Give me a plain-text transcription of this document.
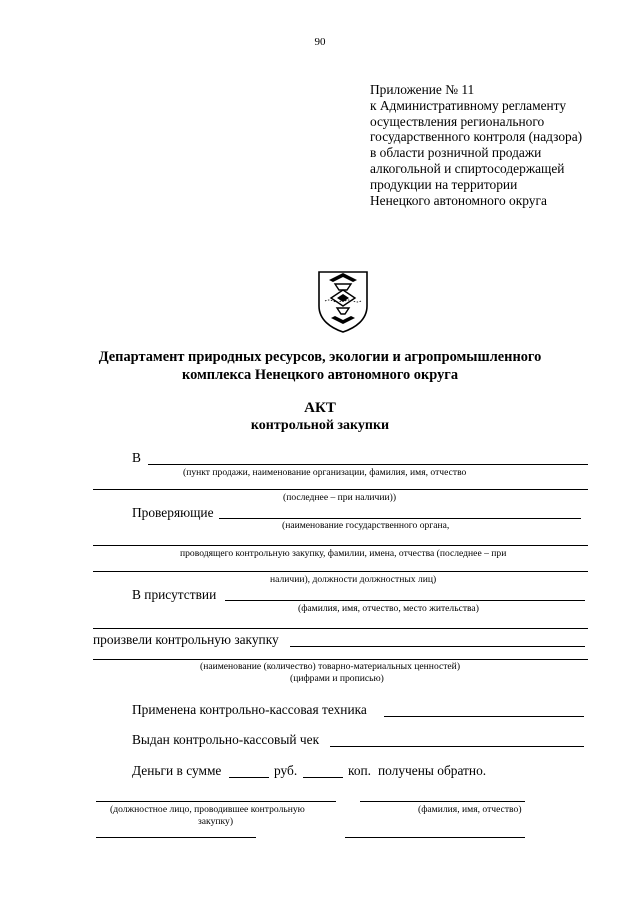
90
Приложение № 11
к Административному регламенту
осуществления регионального
государственного контроля (надзора)
в области розничной продажи
алкогольной и спиртосодержащей
продукции на территории
Ненецкого автономного округа
Департамент природных ресурсов, экологии и агропромышленного
комплекса Ненецкого автономного округа
АКТ
контрольной закупки
В
(пункт продажи, наименование организации, фамилия, имя, отчество
(последнее – при наличии))
Проверяющие
(наименование государственного органа,
проводящего контрольную закупку, фамилии, имена, отчества (последнее – при
наличии), должности должностных лиц)
В присутствии
(фамилия, имя, отчество, место жительства)
произвели контрольную закупку
(наименование (количество) товарно-материальных ценностей)
(цифрами и прописью)
Применена контрольно-кассовая техника
Выдан контрольно-кассовый чек
Деньги в сумме	руб.	коп. получены обратно.
(должностное лицо, проводившее контрольную
закупку)
(фамилия, имя, отчество)
